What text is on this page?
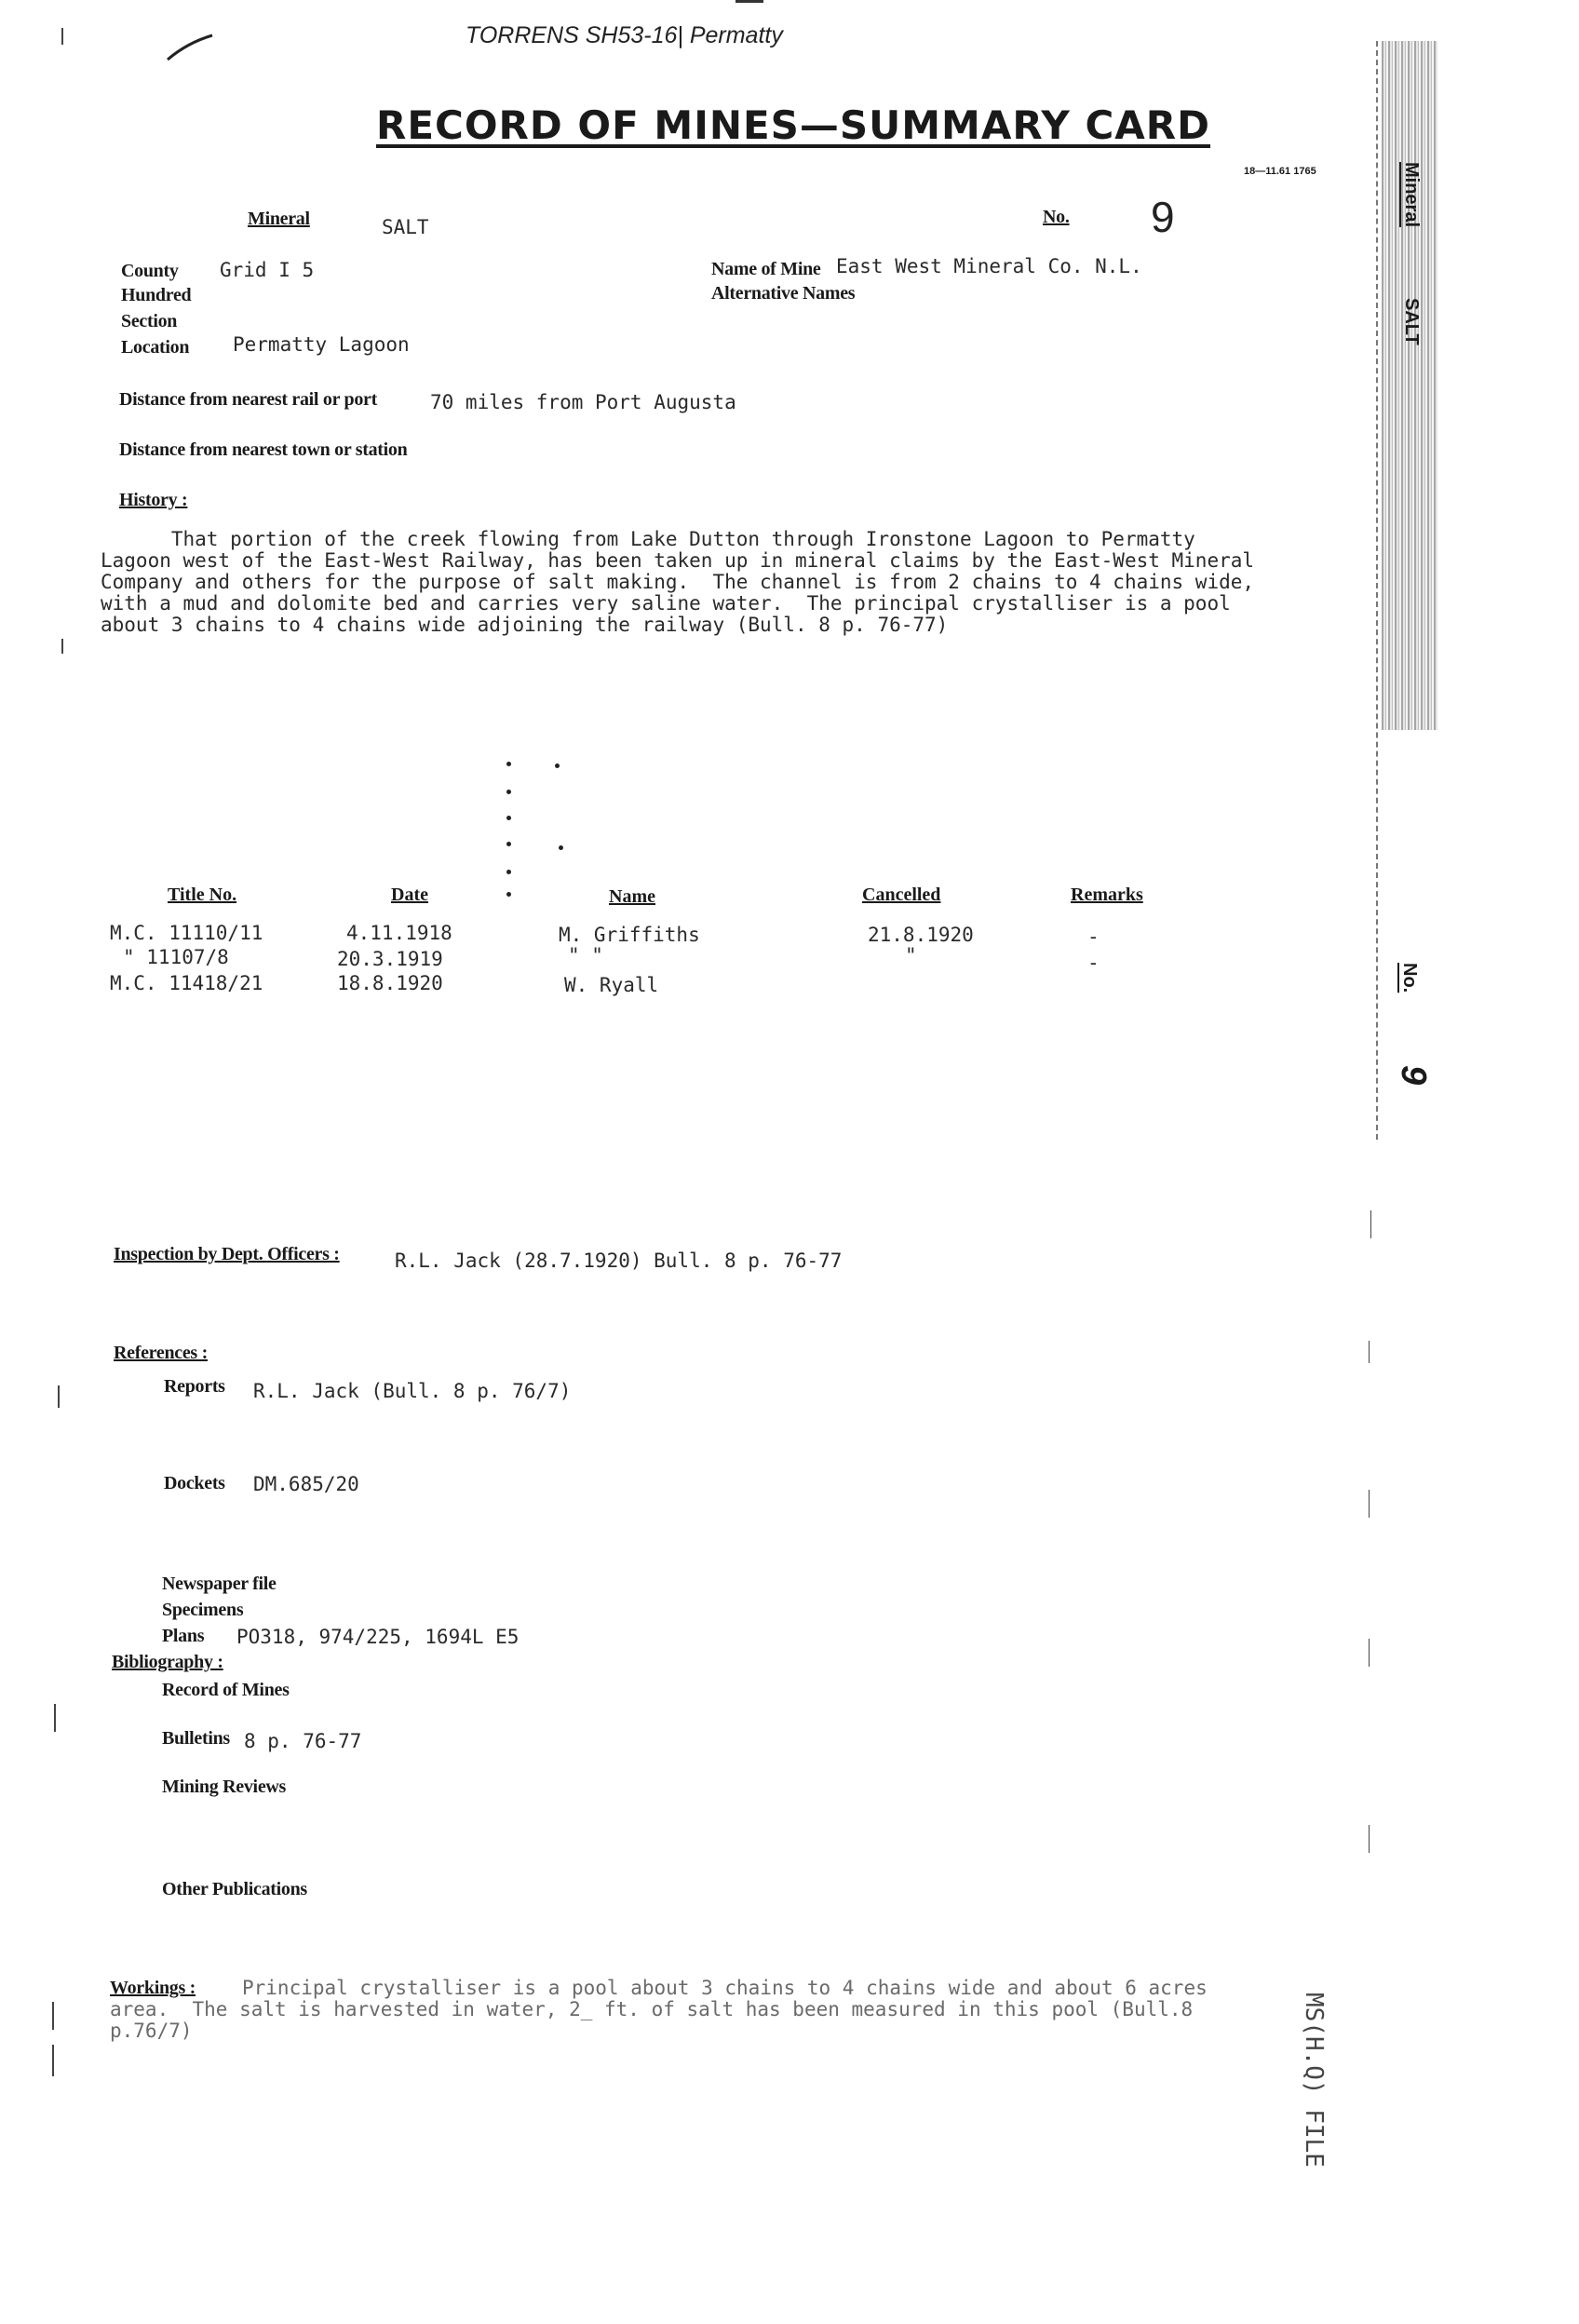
TORRENS SH53-16| Permatty
RECORD OF MINES—SUMMARY CARD
18—11.61 1765
Mineral	SALT	No. 9
County Grid I 5
Hundred
Section
Location Permatty Lagoon
Name of Mine East West Mineral Co. N.L.
Alternative Names
Distance from nearest rail or port	70 miles from Port Augusta
Distance from nearest town or station
History :
That portion of the creek flowing from Lake Dutton through Ironstone Lagoon to Permatty
Lagoon west of the East-West Railway, has been taken up in mineral claims by the East-West Mineral
Company and others for the purpose of salt making.  The channel is from 2 chains to 4 chains wide,
with a mud and dolomite bed and carries very saline water.  The principal crystalliser is a pool
about 3 chains to 4 chains wide adjoining the railway (Bull. 8 p. 76-77)
Title No.	Date	Name	Cancelled	Remarks
M.C. 11110/11	4.11.1918	M. Griffiths	21.8.1920	-
" 11107/8	20.3.1919	" "	"	-
M.C. 11418/21	18.8.1920	W. Ryall
Inspection by Dept. Officers :	R.L. Jack (28.7.1920) Bull. 8 p. 76-77
References :
Reports R.L. Jack (Bull. 8 p. 76/7)
Dockets DM.685/20
Newspaper file
Specimens
Plans PO318, 974/225, 1694L E5
Bibliography :
Record of Mines
Bulletins 8 p. 76-77
Mining Reviews
Other Publications
Workings :	Principal crystalliser is a pool about 3 chains to 4 chains wide and about 6 acres
area.  The salt is harvested in water, 2_ ft. of salt has been measured in this pool (Bull.8
p.76/7)
Mineral
SALT
No.
9
MS(H.Q) FILE
